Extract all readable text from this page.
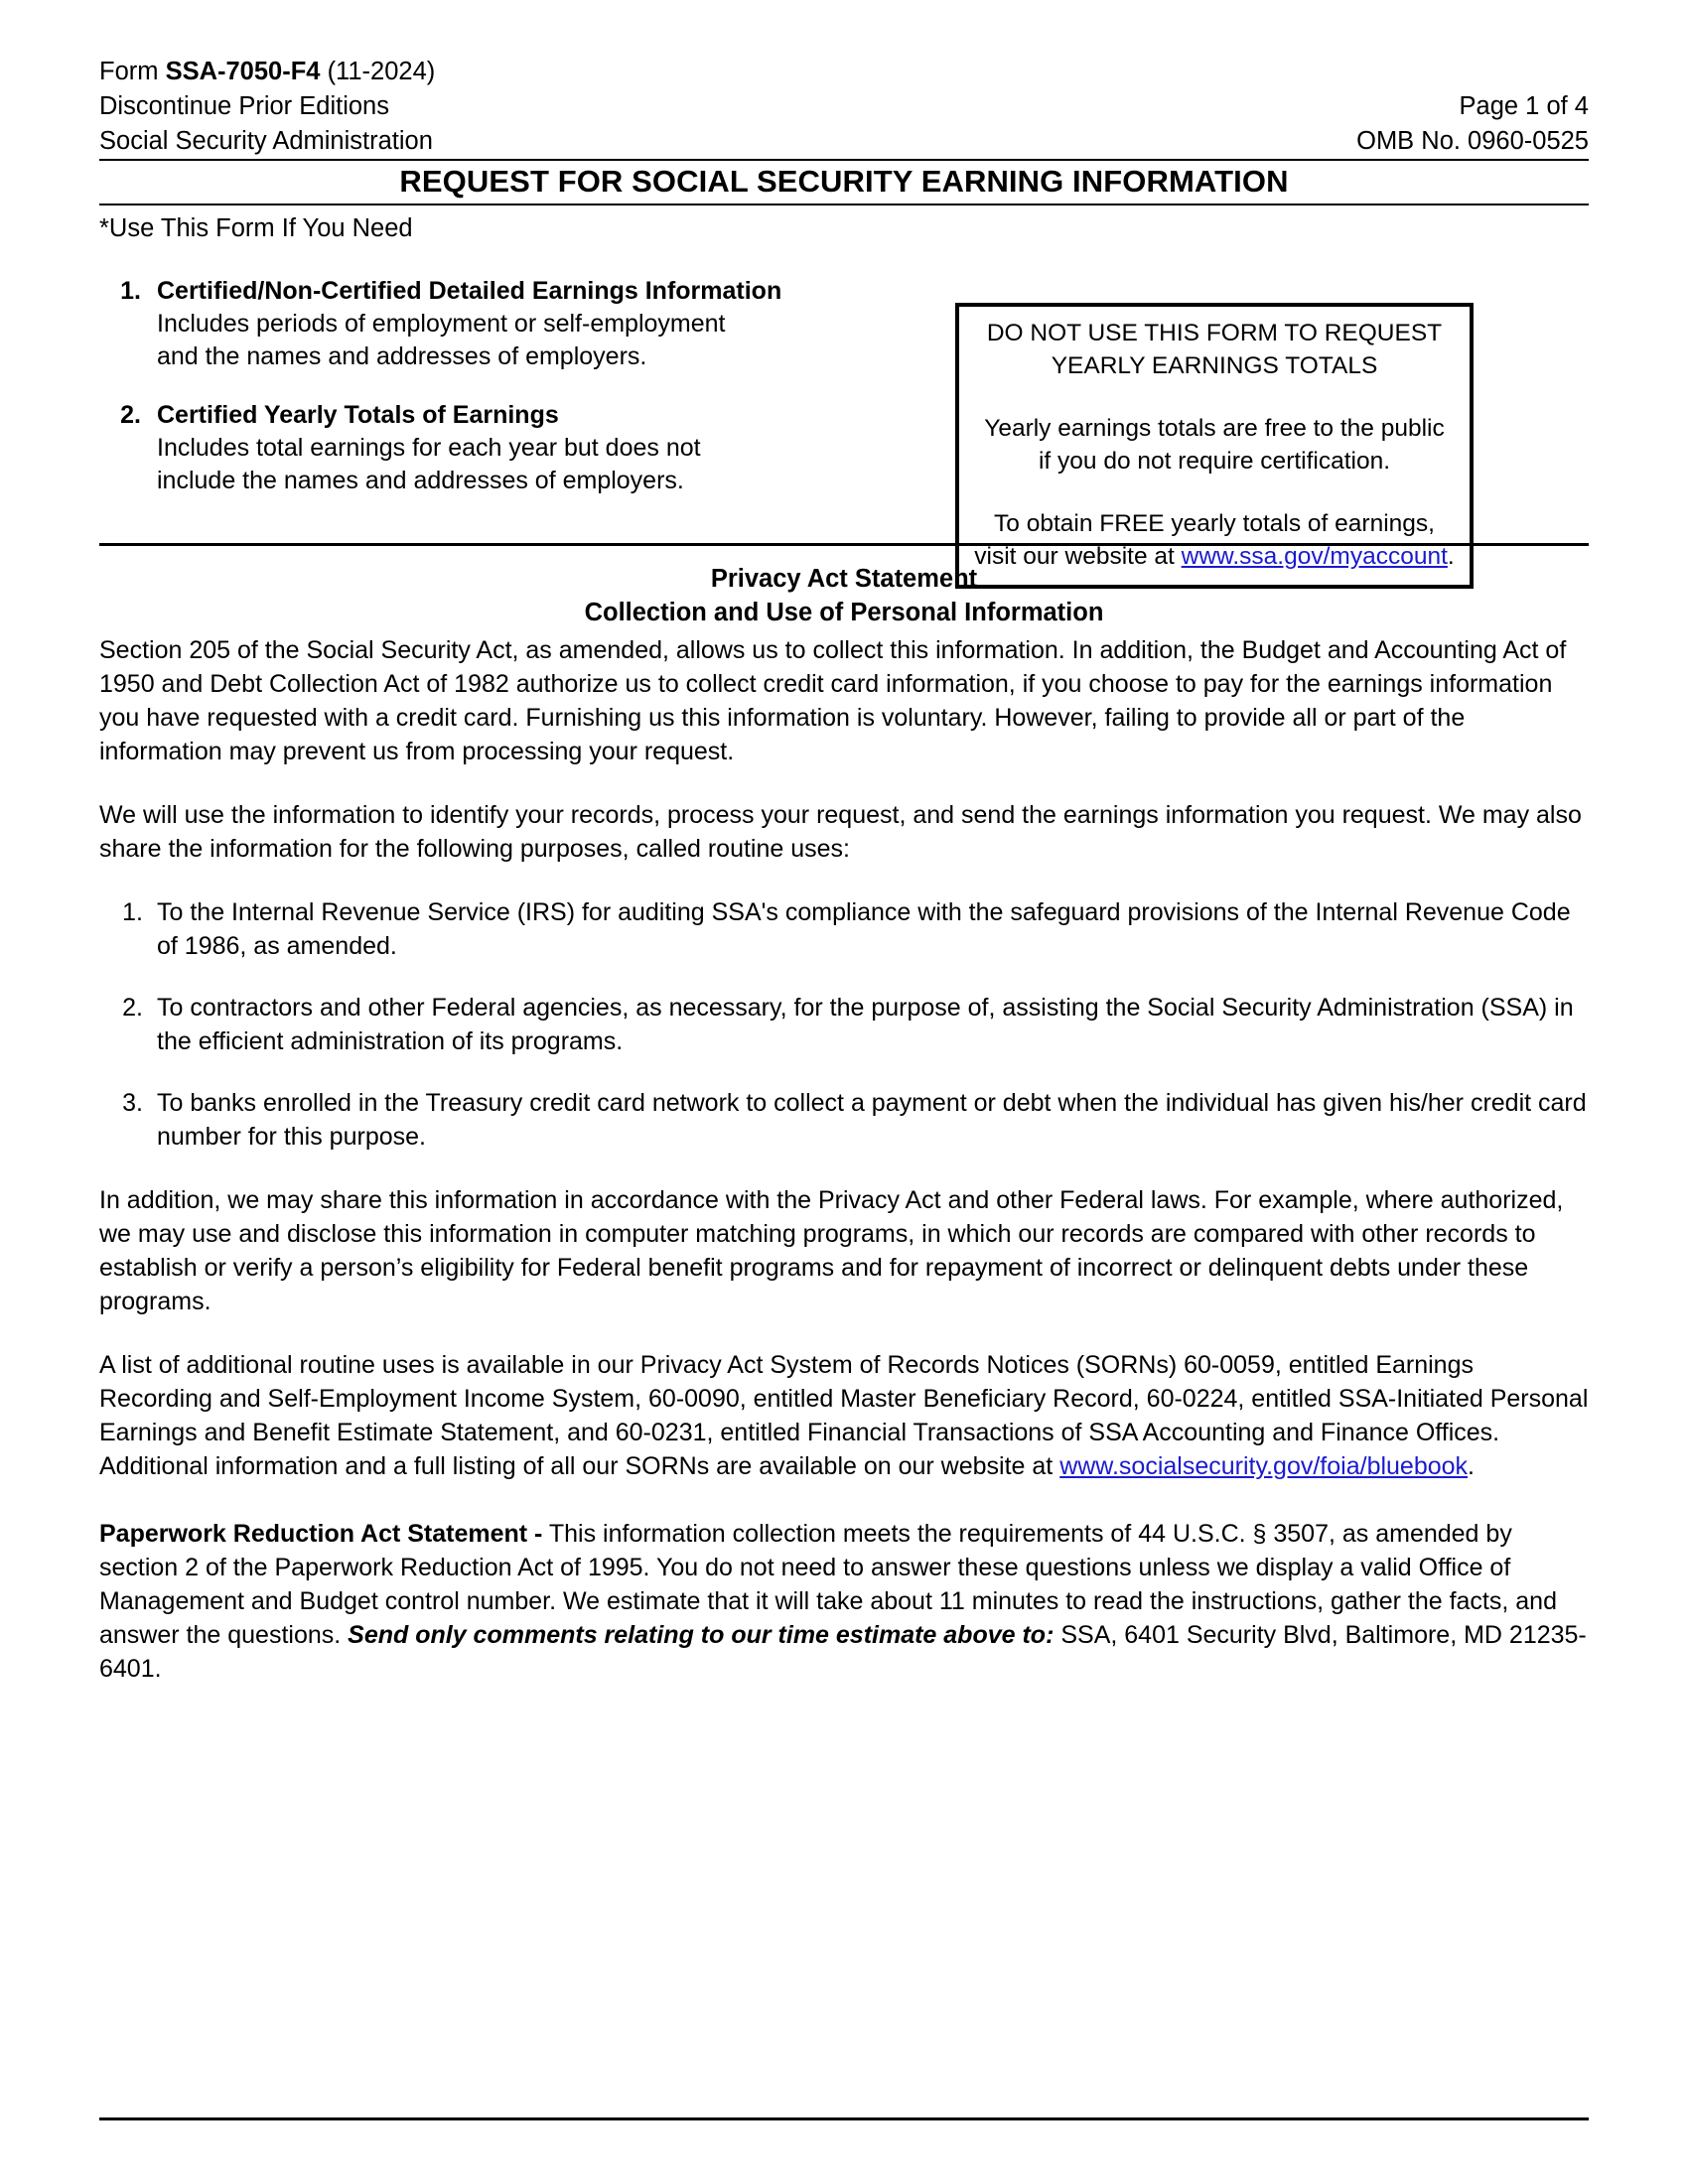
Form SSA-7050-F4 (11-2024)
Discontinue Prior Editions	Page 1 of 4
Social Security Administration	OMB No. 0960-0525
REQUEST FOR SOCIAL SECURITY EARNING INFORMATION
*Use This Form If You Need
1. Certified/Non-Certified Detailed Earnings Information
Includes periods of employment or self-employment
and the names and addresses of employers.
2. Certified Yearly Totals of Earnings
Includes total earnings for each year but does not
include the names and addresses of employers.

DO NOT USE THIS FORM TO REQUEST

YEARLY EARNINGS TOTALS

Yearly earnings totals are free to the public

if you do not require certification.

To obtain FREE yearly totals of earnings,

visit our website at www.ssa.gov/myaccount.

Privacy Act Statement
Collection and Use of Personal Information

Section 205 of the Social Security Act, as amended, allows us to collect this information. In addition, the Budget and Accounting Act of 1950 and Debt Collection Act of 1982 authorize us to collect credit card information, if you choose to pay for the earnings information you have requested with a credit card. Furnishing us this information is voluntary. However, failing to provide all or part of the information may prevent us from processing your request.

We will use the information to identify your records, process your request, and send the earnings information you request. We may also share the information for the following purposes, called routine uses:

1. To the Internal Revenue Service (IRS) for auditing SSA's compliance with the safeguard provisions of the Internal Revenue Code of 1986, as amended.
2. To contractors and other Federal agencies, as necessary, for the purpose of, assisting the Social Security Administration (SSA) in the efficient administration of its programs.
3. To banks enrolled in the Treasury credit card network to collect a payment or debt when the individual has given his/her credit card number for this purpose.

In addition, we may share this information in accordance with the Privacy Act and other Federal laws. For example, where authorized, we may use and disclose this information in computer matching programs, in which our records are compared with other records to establish or verify a person’s eligibility for Federal benefit programs and for repayment of incorrect or delinquent debts under these programs.

A list of additional routine uses is available in our Privacy Act System of Records Notices (SORNs) 60-0059, entitled Earnings Recording and Self-Employment Income System, 60-0090, entitled Master Beneficiary Record, 60-0224, entitled SSA-Initiated Personal Earnings and Benefit Estimate Statement, and 60-0231, entitled Financial Transactions of SSA Accounting and Finance Offices. Additional information and a full listing of all our SORNs are available on our website at www.socialsecurity.gov/foia/bluebook.

Paperwork Reduction Act Statement - This information collection meets the requirements of 44 U.S.C. § 3507, as amended by section 2 of the Paperwork Reduction Act of 1995. You do not need to answer these questions unless we display a valid Office of Management and Budget control number. We estimate that it will take about 11 minutes to read the instructions, gather the facts, and answer the questions. Send only comments relating to our time estimate above to: SSA, 6401 Security Blvd, Baltimore, MD 21235-6401.
